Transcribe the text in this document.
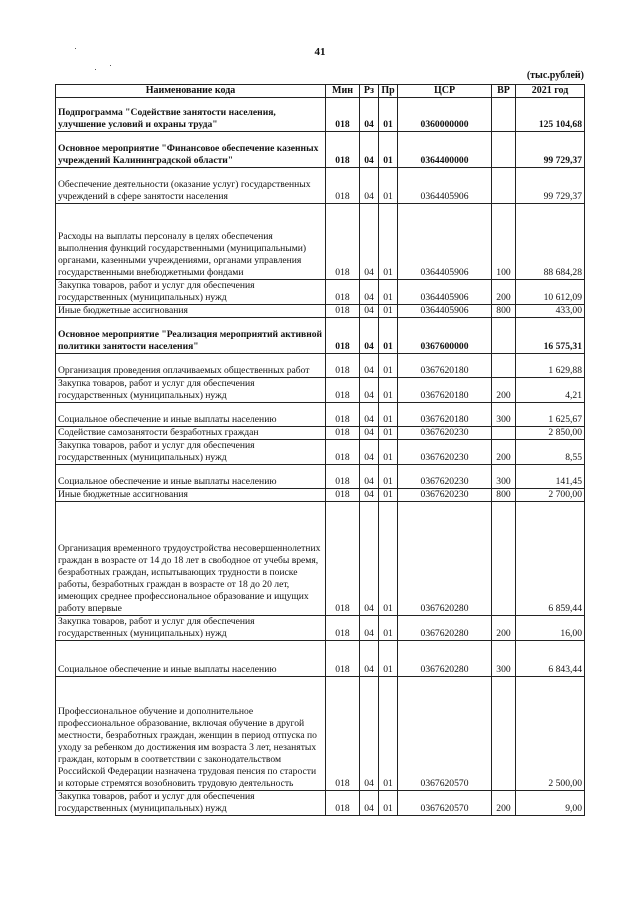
41
(тыс.рублей)
Наименование кода	Мин	Рз	Пр	ЦСР	ВР	2021 год
Подпрограмма "Содействие занятости населения, улучшение условий и охраны труда"	018	04	01	0360000000		125 104,68
Основное мероприятие "Финансовое обеспечение казенных учреждений Калининградской области"	018	04	01	0364400000		99 729,37
Обеспечение деятельности (оказание услуг) государственных учреждений в сфере занятости населения	018	04	01	0364405906		99 729,37
Расходы на выплаты персоналу в целях обеспечения выполнения функций государственными (муниципальными) органами, казенными учреждениями, органами управления государственными внебюджетными фондами	018	04	01	0364405906	100	88 684,28
Закупка товаров, работ и услуг для обеспечения государственных (муниципальных) нужд	018	04	01	0364405906	200	10 612,09
Иные бюджетные ассигнования	018	04	01	0364405906	800	433,00
Основное мероприятие "Реализация мероприятий активной политики занятости населения"	018	04	01	0367600000		16 575,31
Организация проведения оплачиваемых общественных работ	018	04	01	0367620180		1 629,88
Закупка товаров, работ и услуг для обеспечения государственных (муниципальных) нужд	018	04	01	0367620180	200	4,21
Социальное обеспечение и иные выплаты населению	018	04	01	0367620180	300	1 625,67
Содействие самозанятости безработных граждан	018	04	01	0367620230		2 850,00
Закупка товаров, работ и услуг для обеспечения государственных (муниципальных) нужд	018	04	01	0367620230	200	8,55
Социальное обеспечение и иные выплаты населению	018	04	01	0367620230	300	141,45
Иные бюджетные ассигнования	018	04	01	0367620230	800	2 700,00
Организация временного трудоустройства несовершеннолетних граждан в возрасте от 14 до 18 лет в свободное от учебы время, безработных граждан, испытывающих трудности в поиске работы, безработных граждан в возрасте от 18 до 20 лет, имеющих среднее профессиональное образование и ищущих работу впервые	018	04	01	0367620280		6 859,44
Закупка товаров, работ и услуг для обеспечения государственных (муниципальных) нужд	018	04	01	0367620280	200	16,00
Социальное обеспечение и иные выплаты населению	018	04	01	0367620280	300	6 843,44
Профессиональное обучение и дополнительное профессиональное образование, включая обучение в другой местности, безработных граждан, женщин в период отпуска по уходу за ребенком до достижения им возраста 3 лет, незанятых граждан, которым в соответствии с законодательством Российской Федерации назначена трудовая пенсия по старости и которые стремятся возобновить трудовую деятельность	018	04	01	0367620570		2 500,00
Закупка товаров, работ и услуг для обеспечения государственных (муниципальных) нужд	018	04	01	0367620570	200	9,00
